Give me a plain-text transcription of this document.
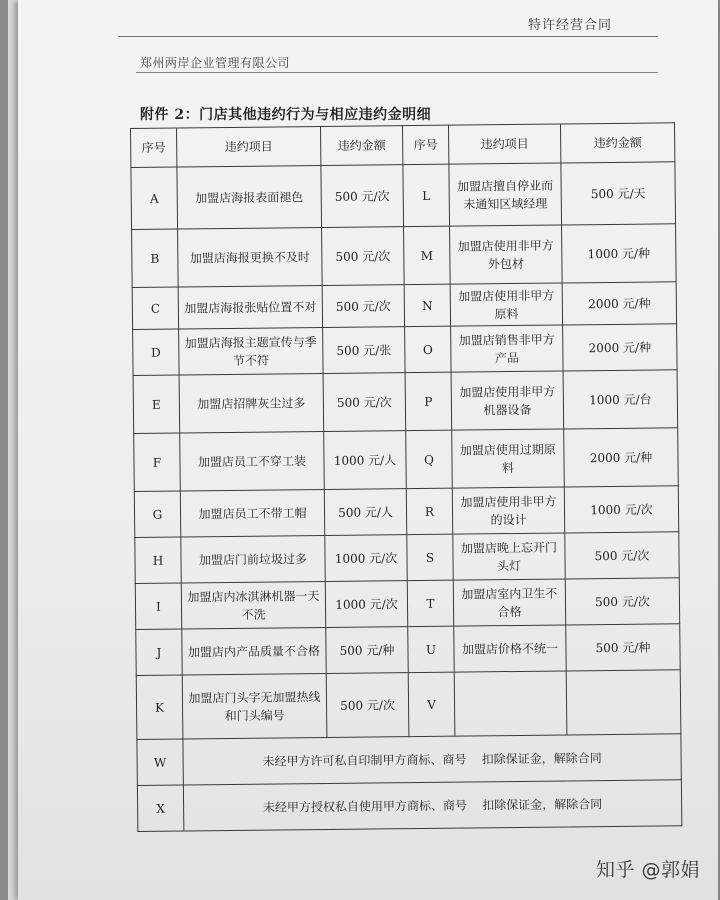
特许经营合同
郑州两岸企业管理有限公司
附件 2：门店其他违约行为与相应违约金明细
序号	违约项目	违约金额	序号	违约项目	违约金额
A	加盟店海报表面褪色	500 元/次	L	加盟店擅自停业而未通知区域经理	500 元/天
B	加盟店海报更换不及时	500 元/次	M	加盟店使用非甲方外包材	1000 元/种
C	加盟店海报张贴位置不对	500 元/次	N	加盟店使用非甲方原料	2000 元/种
D	加盟店海报主题宣传与季节不符	500 元/张	O	加盟店销售非甲方产品	2000 元/种
E	加盟店招牌灰尘过多	500 元/次	P	加盟店使用非甲方机器设备	1000 元/台
F	加盟店员工不穿工装	1000 元/人	Q	加盟店使用过期原料	2000 元/种
G	加盟店员工不带工帽	500 元/人	R	加盟店使用非甲方的设计	1000 元/次
H	加盟店门前垃圾过多	1000 元/次	S	加盟店晚上忘开门头灯	500 元/次
I	加盟店内冰淇淋机器一天不洗	1000 元/次	T	加盟店室内卫生不合格	500 元/次
J	加盟店内产品质量不合格	500 元/种	U	加盟店价格不统一	500 元/种
K	加盟店门头字无加盟热线和门头编号	500 元/次	V		
W	未经甲方许可私自印制甲方商标、商号 扣除保证金，解除合同				
X	未经甲方授权私自使用甲方商标、商号 扣除保证金，解除合同				
知乎 @郭娟
